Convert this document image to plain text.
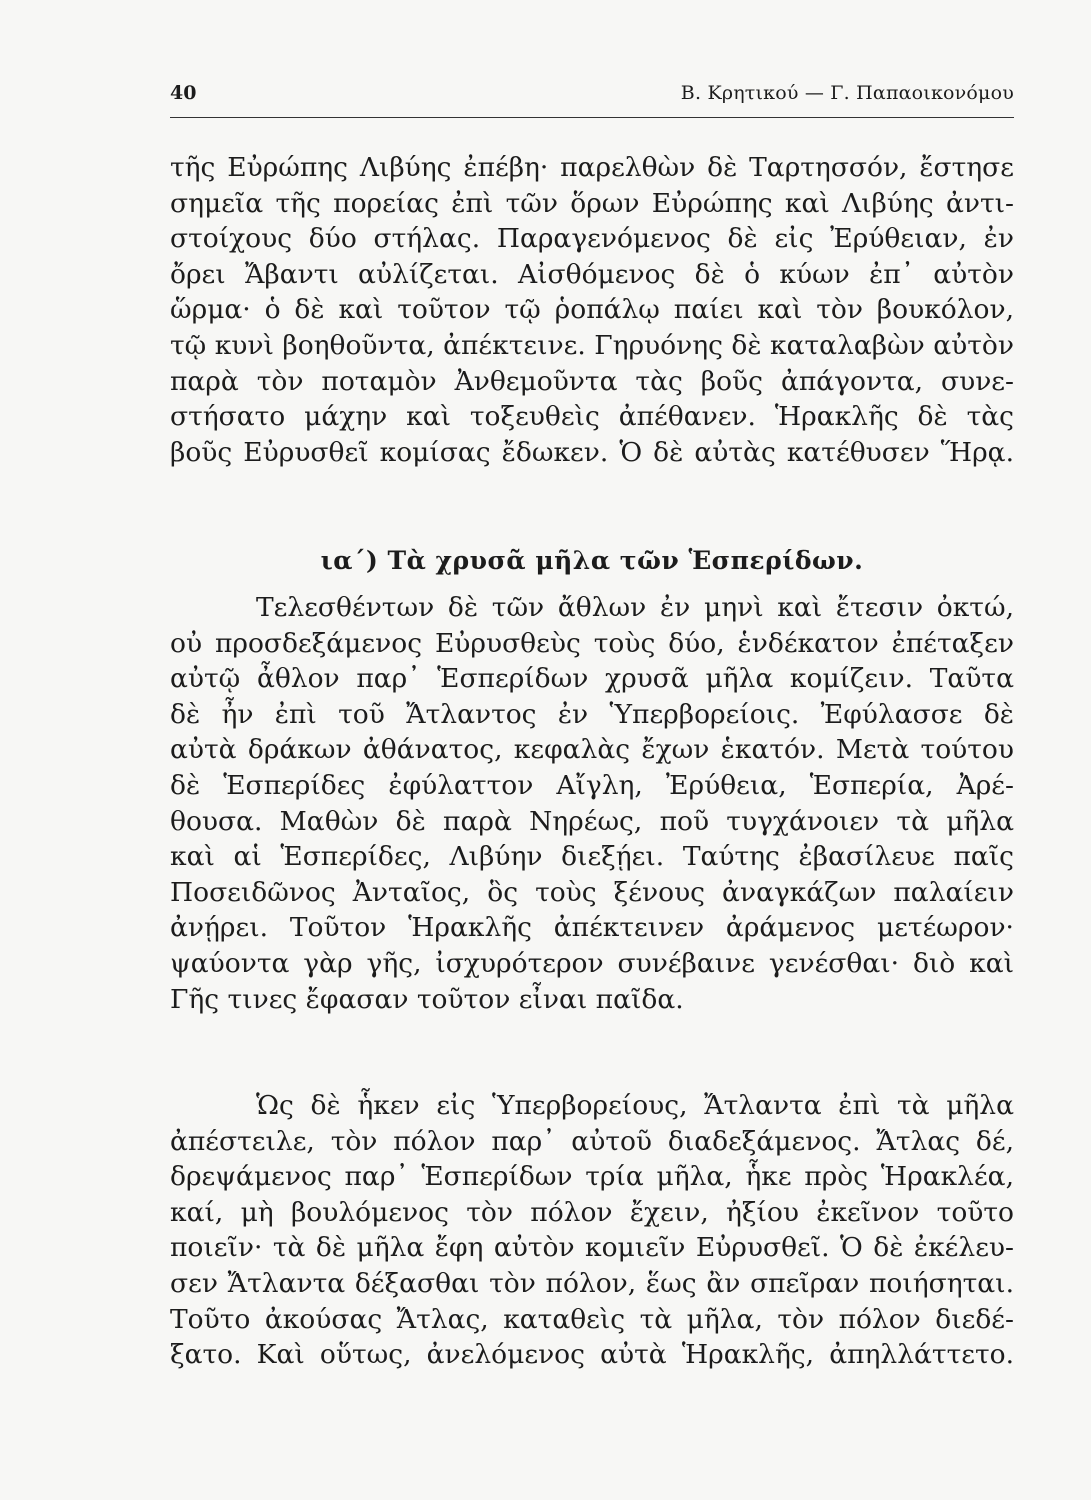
40	Β. Κρητικού — Γ. Παπαοικονόμου
τῆς Εὐρώπης Λιβύης ἐπέβη· παρελθὼν δὲ Ταρτησσόν, ἔστησε
σημεῖα τῆς πορείας ἐπὶ τῶν ὅρων Εὐρώπης καὶ Λιβύης ἀντι-
στοίχους δύο στήλας. Παραγενόμενος δὲ εἰς Ἐρύθειαν, ἐν
ὄρει Ἄβαντι αὐλίζεται. Αἰσθόμενος δὲ ὁ κύων ἐπ᾽ αὐτὸν
ὥρμα· ὁ δὲ καὶ τοῦτον τῷ ῥοπάλῳ παίει καὶ τὸν βουκόλον,
τῷ κυνὶ βοηθοῦντα, ἀπέκτεινε. Γηρυόνης δὲ καταλαβὼν αὐτὸν
παρὰ τὸν ποταμὸν Ἀνθεμοῦντα τὰς βοῦς ἀπάγοντα, συνε-
στήσατο μάχην καὶ τοξευθεὶς ἀπέθανεν. Ἡρακλῆς δὲ τὰς
βοῦς Εὐρυσθεῖ κομίσας ἔδωκεν. Ὁ δὲ αὐτὰς κατέθυσεν Ἥρᾳ.
ια´) Τὰ χρυσᾶ μῆλα τῶν Ἑσπερίδων.
Τελεσθέντων δὲ τῶν ἄθλων ἐν μηνὶ καὶ ἔτεσιν ὀκτώ,
οὐ προσδεξάμενος Εὐρυσθεὺς τοὺς δύο, ἑνδέκατον ἐπέταξεν
αὐτῷ ἆθλον παρ᾽ Ἑσπερίδων χρυσᾶ μῆλα κομίζειν. Ταῦτα
δὲ ἦν ἐπὶ τοῦ Ἄτλαντος ἐν Ὑπερβορείοις. Ἐφύλασσε δὲ
αὐτὰ δράκων ἀθάνατος, κεφαλὰς ἔχων ἑκατόν. Μετὰ τούτου
δὲ Ἑσπερίδες ἐφύλαττον Αἴγλη, Ἐρύθεια, Ἑσπερία, Ἀρέ-
θουσα. Μαθὼν δὲ παρὰ Νηρέως, ποῦ τυγχάνοιεν τὰ μῆλα
καὶ αἱ Ἑσπερίδες, Λιβύην διεξῄει. Ταύτης ἐβασίλευε παῖς
Ποσειδῶνος Ἀνταῖος, ὃς τοὺς ξένους ἀναγκάζων παλαίειν
ἀνῄρει. Τοῦτον Ἡρακλῆς ἀπέκτεινεν ἀράμενος μετέωρον·
ψαύοντα γὰρ γῆς, ἰσχυρότερον συνέβαινε γενέσθαι· διὸ καὶ
Γῆς τινες ἔφασαν τοῦτον εἶναι παῖδα.
Ὡς δὲ ἧκεν εἰς Ὑπερβορείους, Ἄτλαντα ἐπὶ τὰ μῆλα
ἀπέστειλε, τὸν πόλον παρ᾽ αὐτοῦ διαδεξάμενος. Ἄτλας δέ,
δρεψάμενος παρ᾽ Ἑσπερίδων τρία μῆλα, ἧκε πρὸς Ἡρακλέα,
καί, μὴ βουλόμενος τὸν πόλον ἔχειν, ἠξίου ἐκεῖνον τοῦτο
ποιεῖν· τὰ δὲ μῆλα ἔφη αὐτὸν κομιεῖν Εὐρυσθεῖ. Ὁ δὲ ἐκέλευ-
σεν Ἄτλαντα δέξασθαι τὸν πόλον, ἕως ἂν σπεῖραν ποιήσηται.
Τοῦτο ἀκούσας Ἄτλας, καταθεὶς τὰ μῆλα, τὸν πόλον διεδέ-
ξατο. Καὶ οὕτως, ἀνελόμενος αὐτὰ Ἡρακλῆς, ἀπηλλάττετο.
